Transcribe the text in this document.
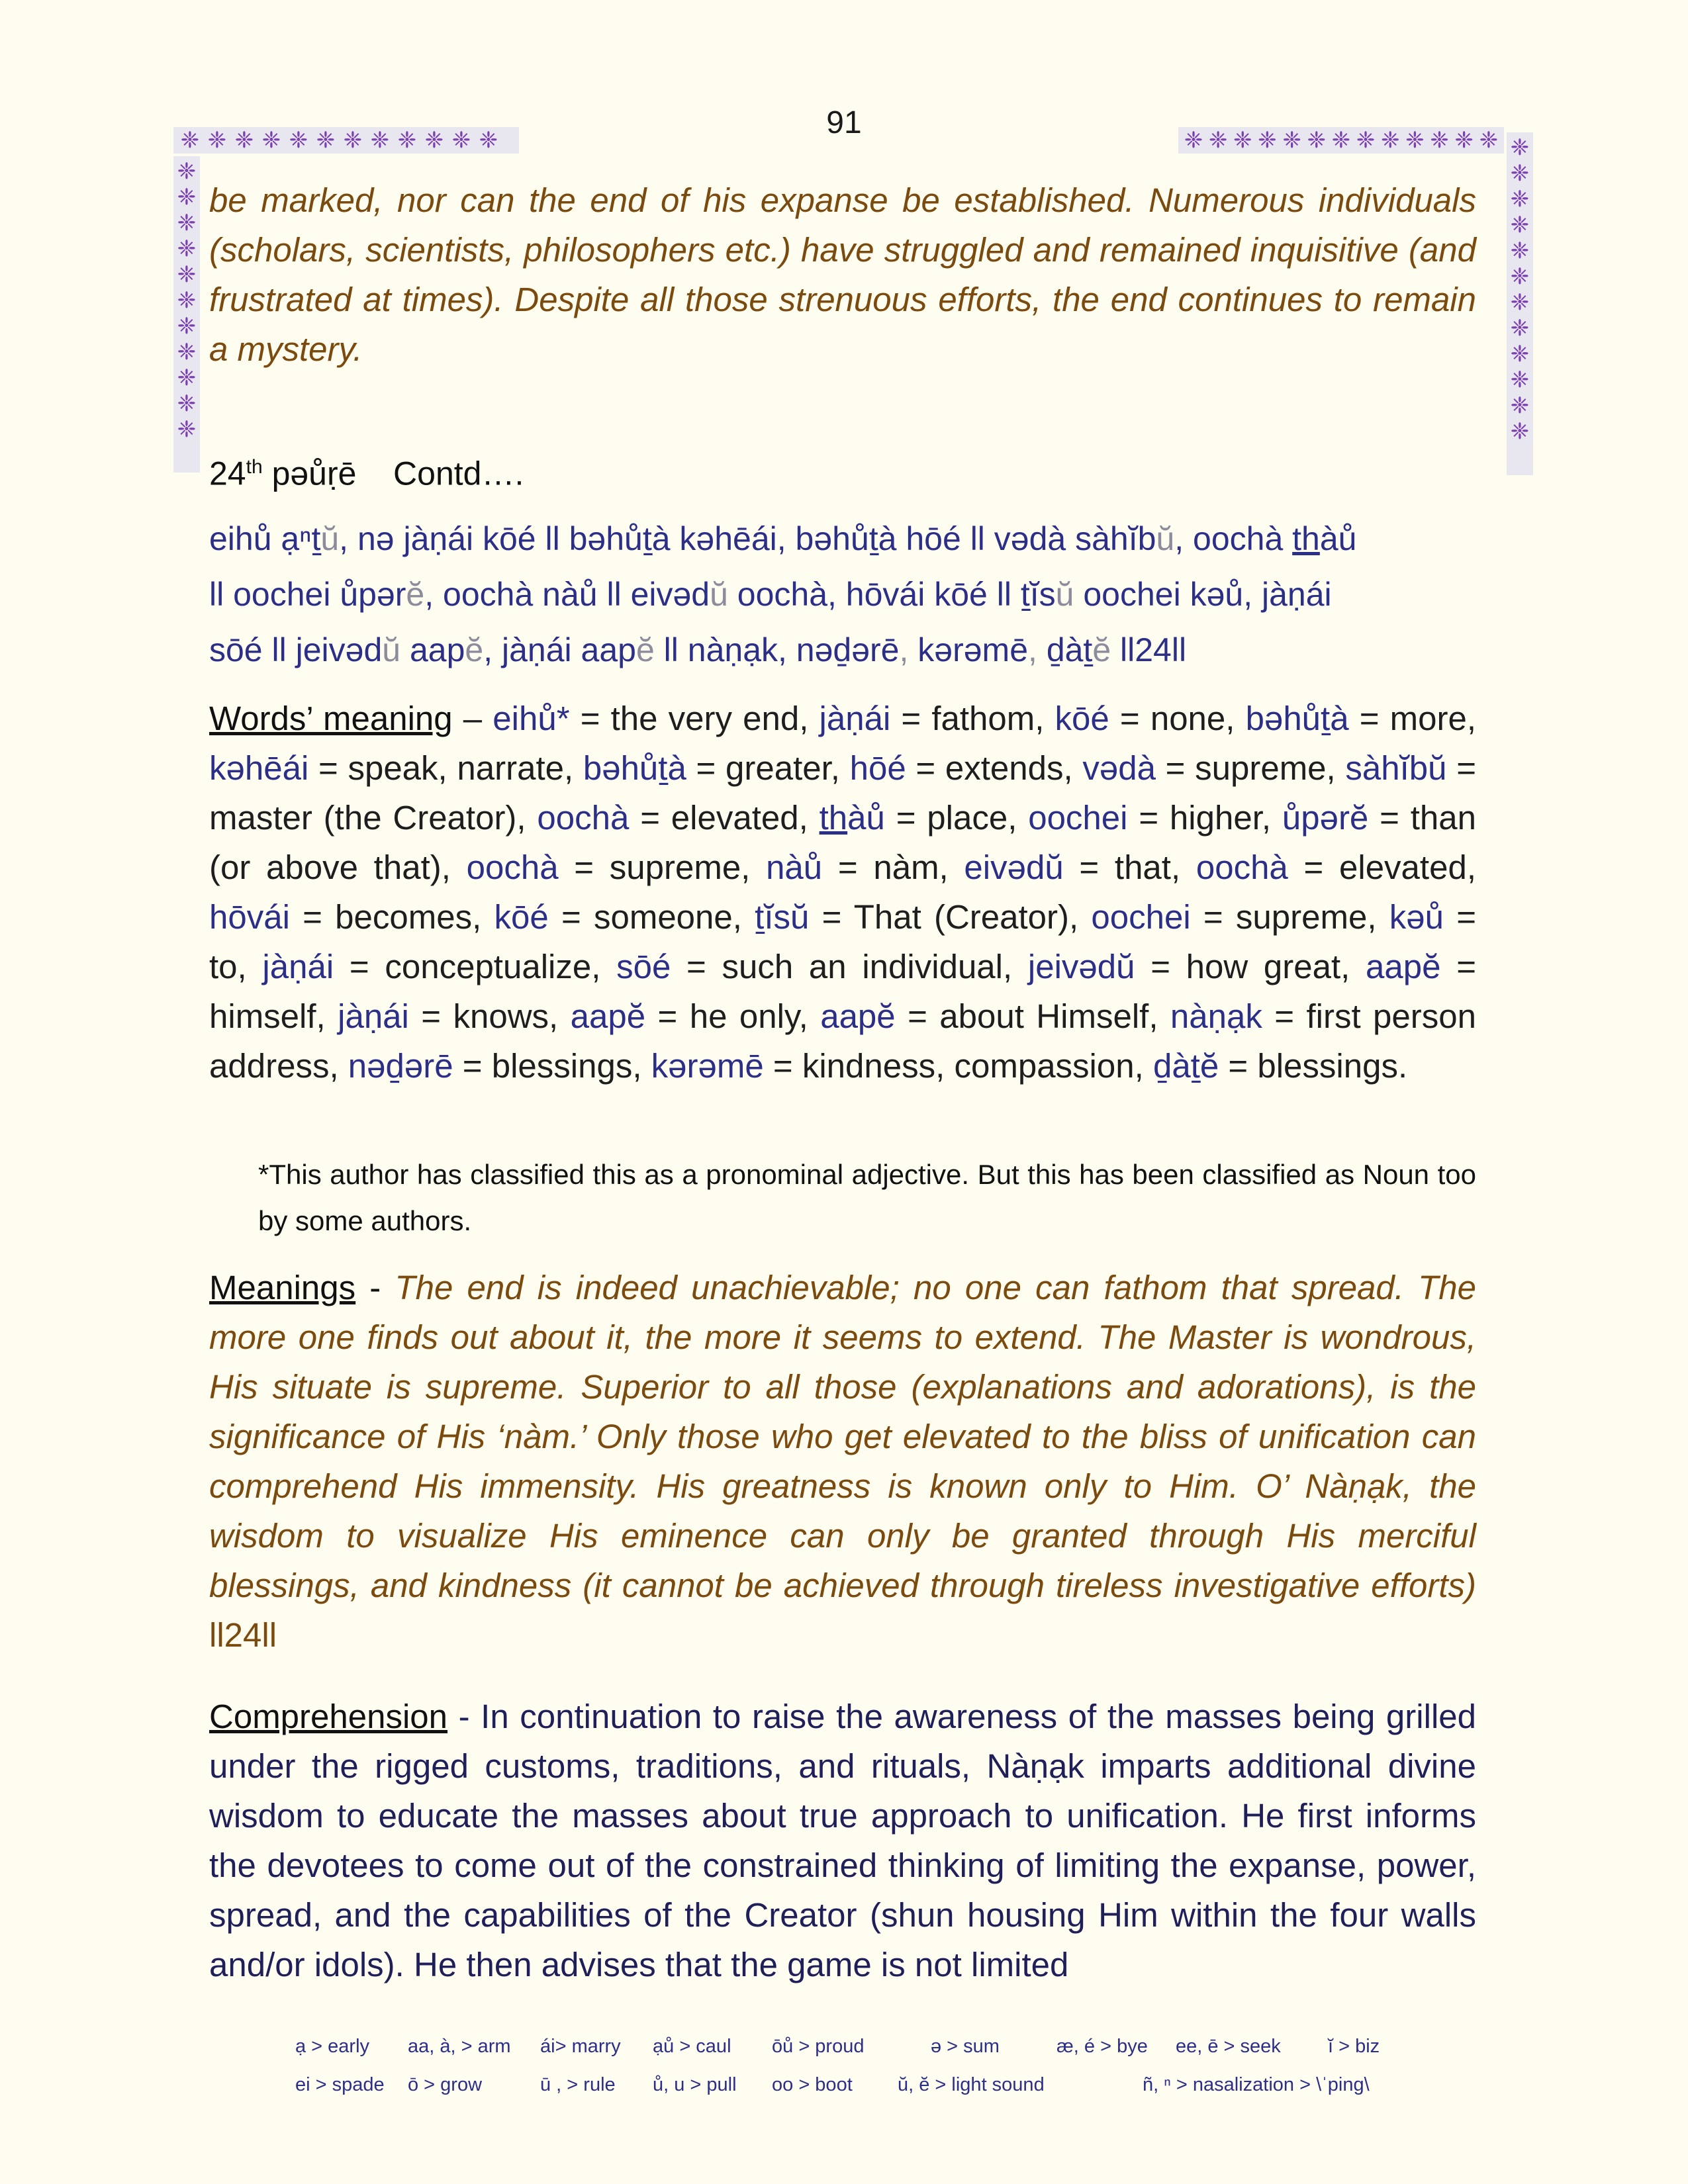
91
❈ ❈ ❈ ❈ ❈ ❈ ❈ ❈ ❈ ❈ ❈ ❈	❈ ❈ ❈ ❈ ❈ ❈ ❈ ❈ ❈ ❈ ❈ ❈ ❈
❈
❈
❈
❈
❈
❈
❈
❈
❈
❈
❈
❈
❈
❈
❈
❈
❈
❈
❈
❈
❈
❈
❈
be marked, nor can the end of his expanse be established. Numerous individuals (scholars, scientists, philosophers etc.) have struggled and remained inquisitive (and frustrated at times). Despite all those strenuous efforts, the end continues to remain a mystery.
24th pəůṛē Contd….
eihů ạⁿṯŭ, nə jàṇái kōé ll bəhůṯà kəhēái, bəhůṯà hōé ll vədà sàhĭbŭ, oochà thàů
ll oochei ůpərĕ, oochà nàů ll eivədŭ oochà, hōvái kōé ll ṯĭsŭ oochei kəů, jàṇái
sōé ll jeivədŭ aapĕ, jàṇái aapĕ ll nàṇạk, nəḏərē, kərəmē, ḏàṯĕ ll24ll
Words’ meaning – eihů* = the very end, jàṇái = fathom, kōé = none, bəhůṯà = more, kəhēái = speak, narrate, bəhůṯà = greater, hōé = extends, vədà = supreme, sàhĭbŭ = master (the Creator), oochà = elevated, thàů = place, oochei = higher, ůpərĕ = than (or above that), oochà = supreme, nàů = nàm, eivədŭ = that, oochà = elevated, hōvái = becomes, kōé = someone, ṯĭsŭ = That (Creator), oochei = supreme, kəů = to, jàṇái = conceptualize, sōé = such an individual, jeivədŭ = how great, aapĕ = himself, jàṇái = knows, aapĕ = he only, aapĕ = about Himself, nàṇạk = first person address, nəḏərē = blessings, kərəmē = kindness, compassion, ḏàṯĕ = blessings.
*This author has classified this as a pronominal adjective. But this has been classified as Noun too by some authors.
Meanings - The end is indeed unachievable; no one can fathom that spread. The more one finds out about it, the more it seems to extend. The Master is wondrous, His situate is supreme. Superior to all those (explanations and adorations), is the significance of His ‘nàm.’ Only those who get elevated to the bliss of unification can comprehend His immensity. His greatness is known only to Him. O’ Nàṇạk, the wisdom to visualize His eminence can only be granted through His merciful blessings, and kindness (it cannot be achieved through tireless investigative efforts) ll24ll
Comprehension - In continuation to raise the awareness of the masses being grilled under the rigged customs, traditions, and rituals, Nàṇạk imparts additional divine wisdom to educate the masses about true approach to unification. He first informs the devotees to come out of the constrained thinking of limiting the expanse, power, spread, and the capabilities of the Creator (shun housing Him within the four walls and/or idols). He then advises that the game is not limited
ạ > early	aa, à, > arm	ái> marry	ạů > caul	ōů > proud	ə > sum	æ, é > bye	ee, ē > seek	ĭ > biz
ei > spade	ō > grow	ū , > rule	ů, u > pull	oo > boot	ŭ, ĕ > light sound	ñ, ⁿ > nasalization > \ˈping\
